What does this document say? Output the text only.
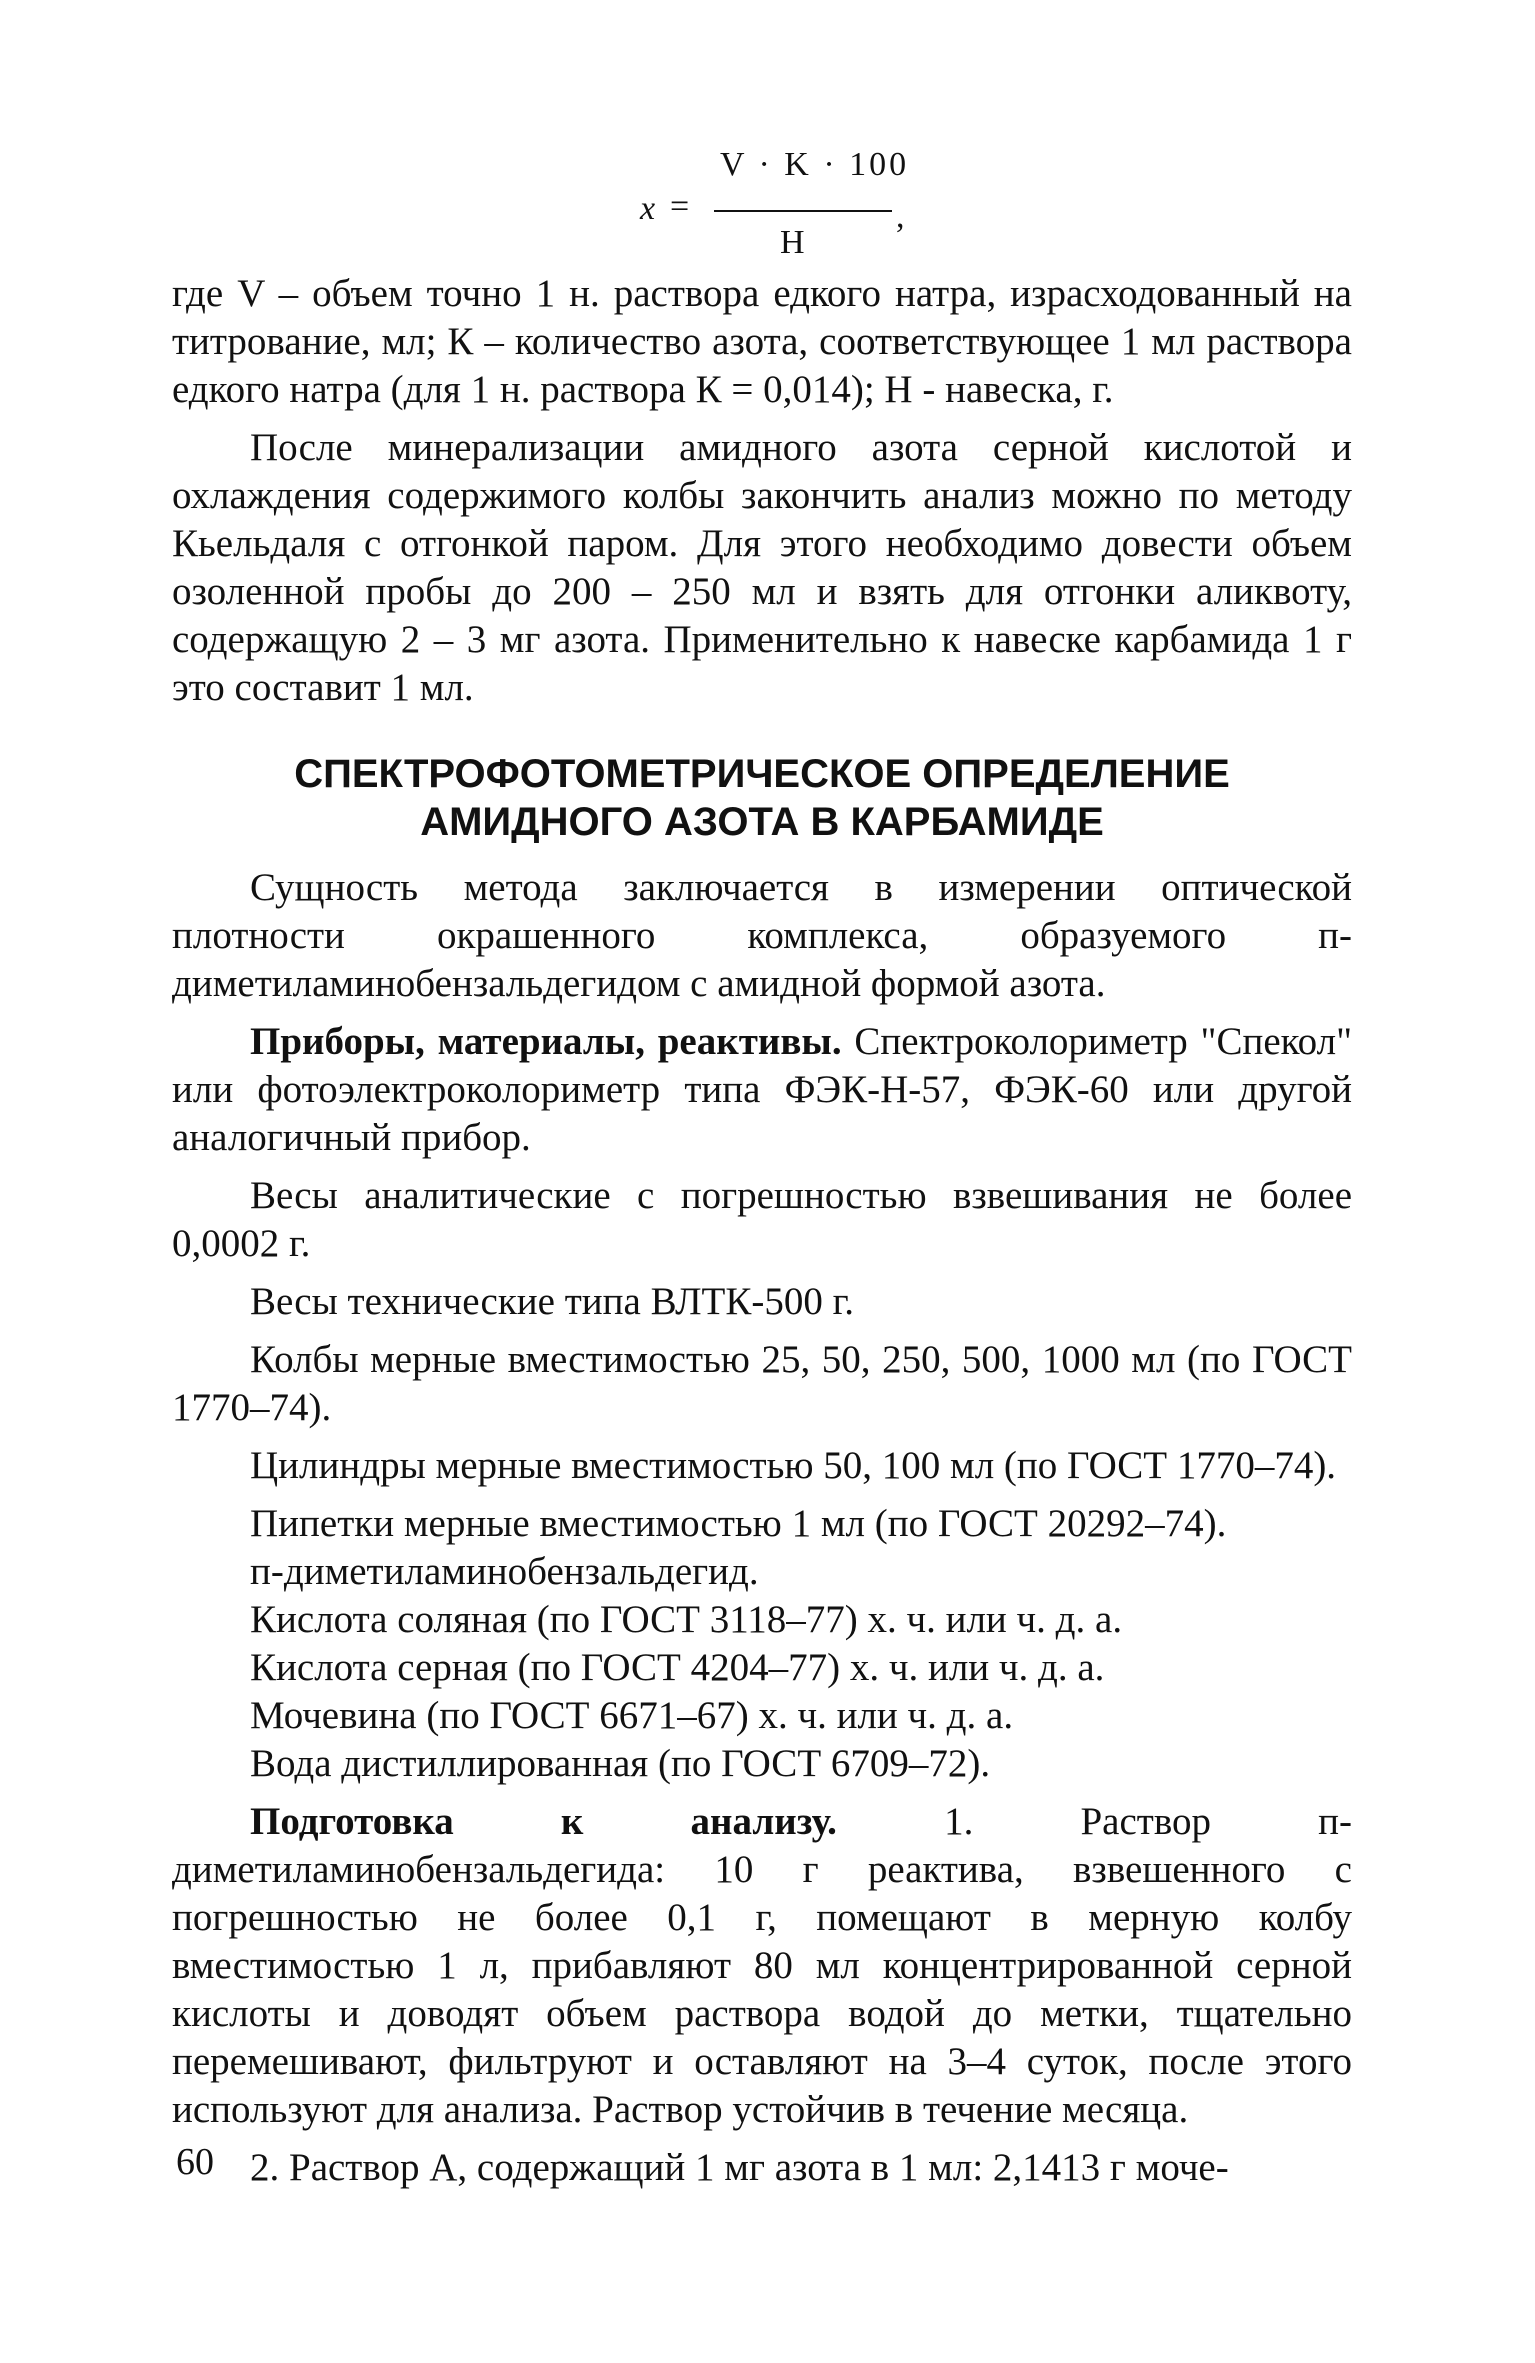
x =
V · K · 100
H
,

где V – объем точно 1 н. раствора едкого натра, израсходованный на титрование, мл; К – количество азота, соответствующее 1 мл раствора едкого натра (для 1 н. раствора К = 0,014); Н - навеска, г.

После минерализации амидного азота серной кислотой и охлаждения содержимого колбы закончить анализ можно по методу Кьельдаля с отгонкой паром. Для этого необходимо довести объем озоленной пробы до 200 – 250 мл и взять для отгонки аликвоту, содержащую 2 – 3 мг азота. Применительно к навеске карбамида 1 г это составит 1 мл.

СПЕКТРОФОТОМЕТРИЧЕСКОЕ ОПРЕДЕЛЕНИЕ
АМИДНОГО АЗОТА В КАРБАМИДЕ

Сущность метода заключается в измерении оптической плотности окрашенного комплекса, образуемого п-диметиламинобензальдегидом с амидной формой азота.

Приборы, материалы, реактивы. Спектроколориметр "Спекол" или фотоэлектроколориметр типа ФЭК-Н-57, ФЭК-60 или другой аналогичный прибор.

Весы аналитические с погрешностью взвешивания не более 0,0002 г.

Весы технические типа ВЛТК-500 г.

Колбы мерные вместимостью 25, 50, 250, 500, 1000 мл (по ГОСТ 1770–74).

Цилиндры мерные вместимостью 50, 100 мл (по ГОСТ 1770–74).

Пипетки мерные вместимостью 1 мл (по ГОСТ 20292–74).

п-диметиламинобензальдегид.

Кислота соляная (по ГОСТ 3118–77) х. ч. или ч. д. а.

Кислота серная (по ГОСТ 4204–77) х. ч. или ч. д. а.

Мочевина (по ГОСТ 6671–67) х. ч. или ч. д. а.

Вода дистиллированная (по ГОСТ 6709–72).

Подготовка к анализу. 1. Раствор п-диметиламинобензальдегида: 10 г реактива, взвешенного с погрешностью не более 0,1 г, помещают в мерную колбу вместимостью 1 л, прибавляют 80 мл концентрированной серной кислоты и доводят объем раствора водой до метки, тщательно перемешивают, фильтруют и оставляют на 3–4 суток, после этого используют для анализа. Раствор устойчив в течение месяца.

2. Раствор А, содержащий 1 мг азота в 1 мл: 2,1413 г моче-

60
